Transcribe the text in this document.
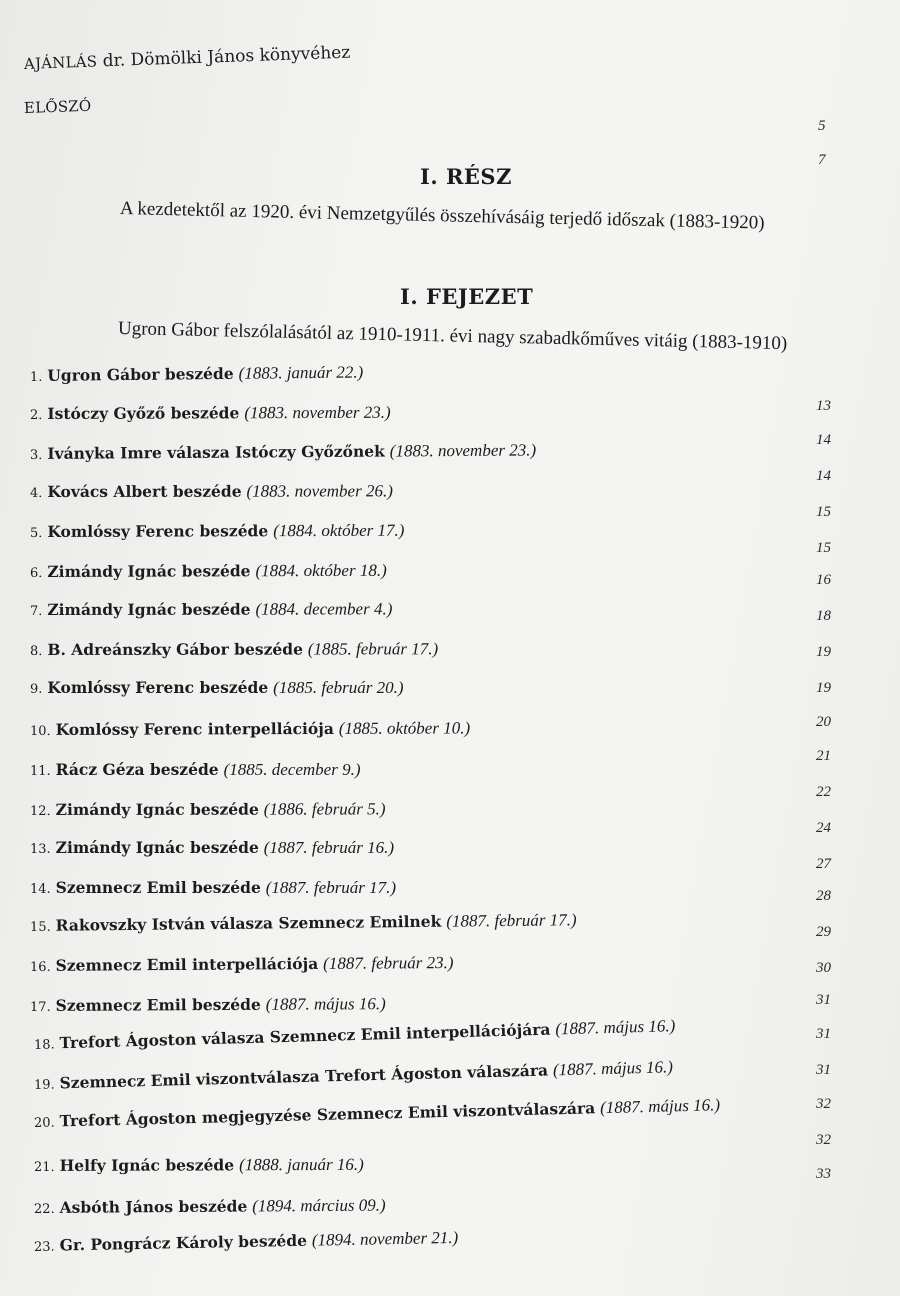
AJÁNLÁS dr. Dömölki János könyvéhez
ELŐSZÓ
5
7
I. RÉSZ
A kezdetektől az 1920. évi Nemzetgyűlés összehívásáig terjedő időszak (1883-1920)
I. FEJEZET
Ugron Gábor felszólalásától az 1910-1911. évi nagy szabadkőműves vitáig (1883-1910)
1. Ugron Gábor beszéde (1883. január 22.)
2. Istóczy Győző beszéde (1883. november 23.)
3. Iványka Imre válasza Istóczy Győzőnek (1883. november 23.)
4. Kovács Albert beszéde (1883. november 26.)
5. Komlóssy Ferenc beszéde (1884. október 17.)
6. Zimándy Ignác beszéde (1884. október 18.)
7. Zimándy Ignác beszéde (1884. december 4.)
8. B. Adreánszky Gábor beszéde (1885. február 17.)
9. Komlóssy Ferenc beszéde (1885. február 20.)
10. Komlóssy Ferenc interpellációja (1885. október 10.)
11. Rácz Géza beszéde (1885. december 9.)
12. Zimándy Ignác beszéde (1886. február 5.)
13. Zimándy Ignác beszéde (1887. február 16.)
14. Szemnecz Emil beszéde (1887. február 17.)
15. Rakovszky István válasza Szemnecz Emilnek (1887. február 17.)
16. Szemnecz Emil interpellációja (1887. február 23.)
17. Szemnecz Emil beszéde (1887. május 16.)
18. Trefort Ágoston válasza Szemnecz Emil interpellációjára (1887. május 16.)
19. Szemnecz Emil viszontválasza Trefort Ágoston válaszára (1887. május 16.)
20. Trefort Ágoston megjegyzése Szemnecz Emil viszontválaszára (1887. május 16.)
21. Helfy Ignác beszéde (1888. január 16.)
22. Asbóth János beszéde (1894. március 09.)
23. Gr. Pongrácz Károly beszéde (1894. november 21.)
13
14
14
15
15
16
18
19
19
20
21
22
24
27
28
29
30
31
31
31
32
32
33
